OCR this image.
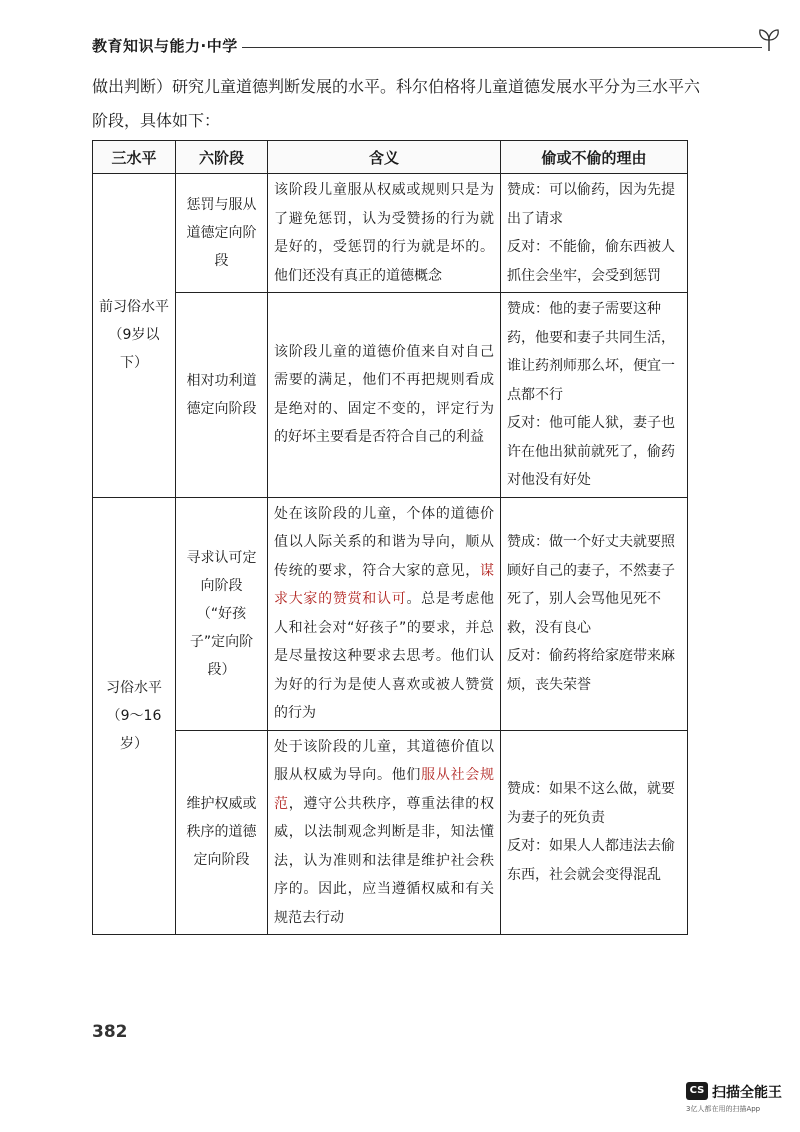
教育知识与能力·中学

做出判断）研究儿童道德判断发展的水平。科尔伯格将儿童道德发展水平分为三水平六

阶段，具体如下：

三水平	六阶段	含义	偷或不偷的理由

前习俗水平
（9岁以下）	惩罚与服从道德定向阶段	该阶段儿童服从权威或规则只是为了避免惩罚，认为受赞扬的行为就是好的，受惩罚的行为就是坏的。他们还没有真正的道德概念	赞成：可以偷药，因为先提出了请求
反对：不能偷，偷东西被人抓住会坐牢，会受到惩罚

	相对功利道德定向阶段	该阶段儿童的道德价值来自对自己需要的满足，他们不再把规则看成是绝对的、固定不变的，评定行为的好坏主要看是否符合自己的利益	赞成：他的妻子需要这种药，他要和妻子共同生活，谁让药剂师那么坏，便宜一点都不行
反对：他可能人狱，妻子也许在他出狱前就死了，偷药对他没有好处

习俗水平
（9～16岁）	寻求认可定向阶段（“好孩子”定向阶段）	处在该阶段的儿童，个体的道德价值以人际关系的和谐为导向，顺从传统的要求，符合大家的意见，谋求大家的赞赏和认可。总是考虑他人和社会对“好孩子”的要求，并总是尽量按这种要求去思考。他们认为好的行为是使人喜欢或被人赞赏的行为	赞成：做一个好丈夫就要照顾好自己的妻子，不然妻子死了，别人会骂他见死不救，没有良心
反对：偷药将给家庭带来麻烦，丧失荣誉

	维护权威或秩序的道德定向阶段	处于该阶段的儿童，其道德价值以服从权威为导向。他们服从社会规范，遵守公共秩序，尊重法律的权威，以法制观念判断是非，知法懂法，认为准则和法律是维护社会秩序的。因此，应当遵循权威和有关规范去行动	赞成：如果不这么做，就要为妻子的死负责
反对：如果人人都违法去偷东西，社会就会变得混乱
382
CS 扫描全能王
3亿人都在用的扫描App
